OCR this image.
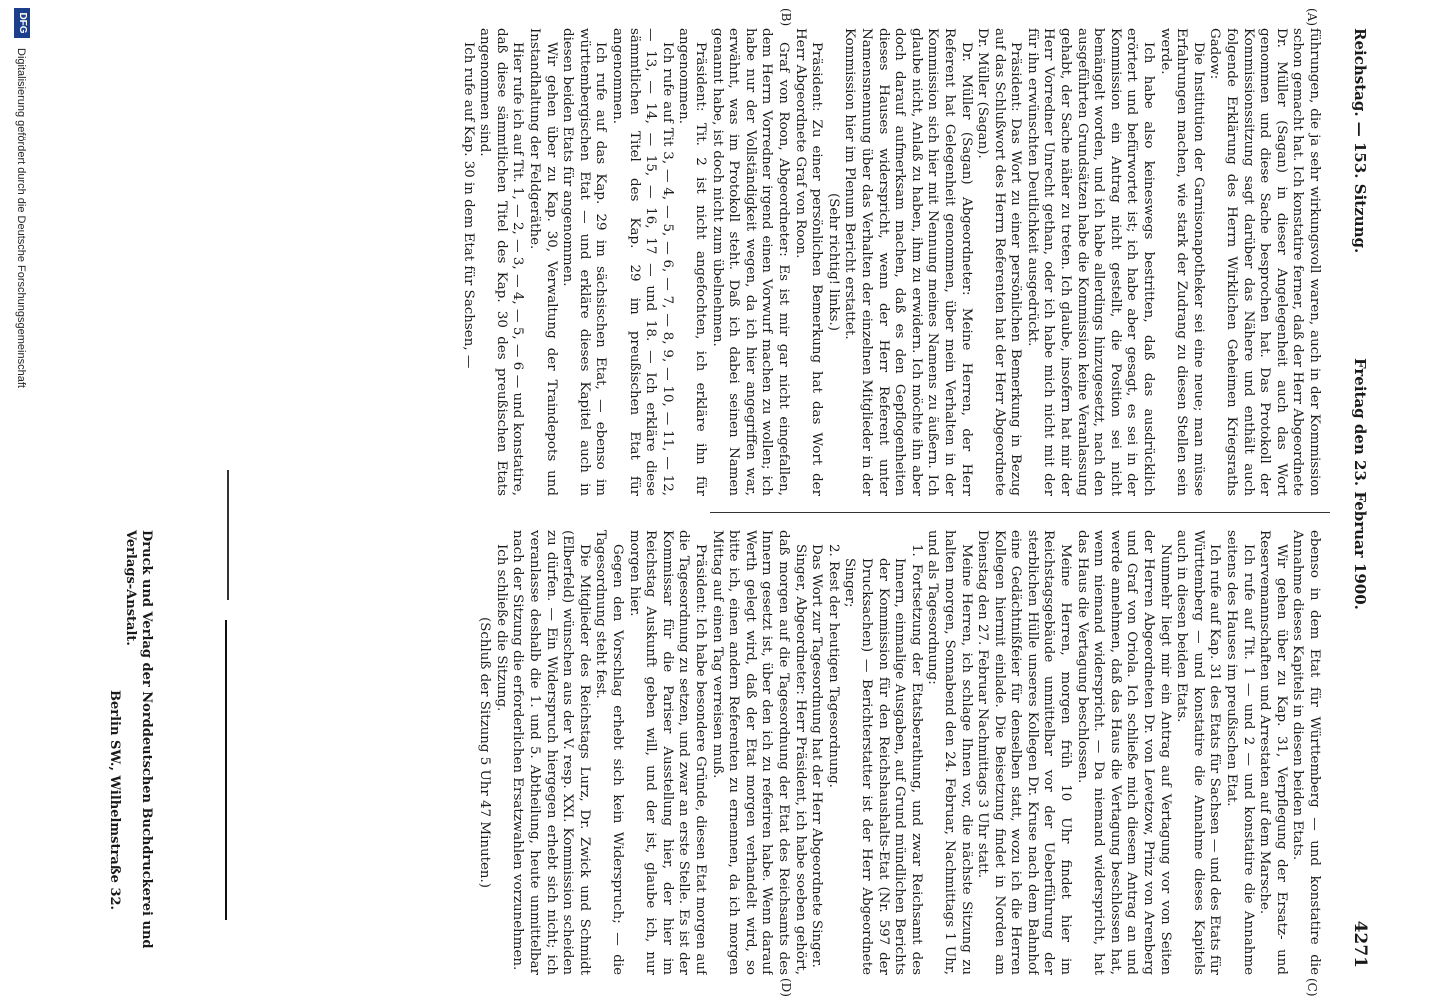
Reichstag. — 153. Sitzung.
Freitag den 23. Februar 1900.
4271
(A)
(B)
(C)
(D)

führungen, die ja sehr wirkungsvoll waren, auch in der Kommission schon gemacht hat. Ich konstatire ferner, daß der Herr Abgeordnete Dr. Müller (Sagan) in dieser Angelegenheit auch das Wort genommen und diese Sache besprochen hat. Das Protokoll der Kommissionssitzung sagt darüber das Nähere und enthält auch folgende Erklärung des Herrn Wirklichen Geheimen Kriegsraths Gadow:

Die Institution der Garnisonapotheker sei eine neue; man müsse Erfahrungen machen, wie stark der Zudrang zu diesen Stellen sein werde.

Ich habe also keineswegs bestritten, daß das ausdrücklich erörtert und befürwortet ist; ich habe aber gesagt, es sei in der Kommission ein Antrag nicht gestellt, die Position sei nicht bemängelt worden, und ich habe allerdings hinzugesetzt, nach den ausgeführten Grundsätzen habe die Kommission keine Veranlassung gehabt, der Sache näher zu treten. Ich glaube, insofern hat mir der Herr Vorredner Unrecht gethan, oder ich habe mich nicht mit der für ihn erwünschten Deutlichkeit ausgedrückt.

Präsident: Das Wort zu einer persönlichen Bemerkung in Bezug auf das Schlußwort des Herrn Referenten hat der Herr Abgeordnete Dr. Müller (Sagan).

Dr. Müller (Sagan) Abgeordneter: Meine Herren, der Herr Referent hat Gelegenheit genommen, über mein Verhalten in der Kommission sich hier mit Nennung meines Namens zu äußern. Ich glaube nicht, Anlaß zu haben, ihm zu erwidern. Ich möchte ihn aber doch darauf aufmerksam machen, daß es den Gepflogenheiten dieses Hauses widerspricht, wenn der Herr Referent unter Namensnennung über das Verhalten der einzelnen Mitglieder in der Kommission hier im Plenum Bericht erstattet.

(Sehr richtig! links.)

Präsident: Zu einer persönlichen Bemerkung hat das Wort der Herr Abgeordnete Graf von Roon.

Graf von Roon, Abgeordneter: Es ist mir gar nicht eingefallen, dem Herrn Vorredner irgend einen Vorwurf machen zu wollen; ich habe nur der Vollständigkeit wegen, da ich hier angegriffen war, erwähnt, was im Protokoll steht. Daß ich dabei seinen Namen genannt habe, ist doch nicht zum übelnehmen.

Präsident: Tit. 2 ist nicht angefochten, ich erkläre ihn für angenommen.

Ich rufe auf Tit 3, — 4, — 5, — 6, — 7, — 8, 9, — 10, — 11, — 12, — 13, — 14, — 15, — 16, 17 — und 18. — Ich erkläre diese sämmtlichen Titel des Kap. 29 im preußischen Etat für angenommen.

Ich rufe auf das Kap. 29 im sächsischen Etat, — ebenso im württembergischen Etat — und erkläre dieses Kapitel auch in diesen beiden Etats für angenommen.

Wir gehen über zu Kap. 30, Verwaltung der Traindepots und Instandhaltung der Feldgeräthe.

Hier rufe ich auf Tit. 1, — 2, — 3, — 4, — 5, — 6 — und konstatire, daß diese sämmtlichen Titel des Kap. 30 des preußischen Etats angenommen sind.

Ich rufe auf Kap. 30 in dem Etat für Sachsen, —

ebenso in dem Etat für Württemberg — und konstatire die Annahme dieses Kapitels in diesen beiden Etats.

Wir gehen über zu Kap. 31, Verpflegung der Ersatz- und Reservemannschaften und Arrestaten auf dem Marsche.

Ich rufe auf Tit. 1 — und 2 — und konstatire die Annahme seitens des Hauses im preußischen Etat.

Ich rufe auf Kap. 31 des Etats für Sachsen — und des Etats für Württemberg — und konstatire die Annahme dieses Kapitels auch in diesen beiden Etats.

Nunmehr liegt mir ein Antrag auf Vertagung vor von Seiten der Herren Abgeordneten Dr. von Levetzow, Prinz von Arenberg und Graf von Oriola. Ich schließe mich diesem Antrag an und werde annehmen, daß das Haus die Vertagung beschlossen hat, wenn niemand widerspricht. — Da niemand widerspricht, hat das Haus die Vertagung beschlossen.

Meine Herren, morgen früh 10 Uhr findet hier im Reichstagsgebäude unmittelbar vor der Ueberführung der sterblichen Hülle unseres Kollegen Dr. Kruse nach dem Bahnhof eine Gedächtnißfeier für denselben statt, wozu ich die Herren Kollegen hiermit einlade. Die Beisetzung findet in Norden am Dienstag den 27. Februar Nachmittags 3 Uhr statt.

Meine Herren, ich schlage Ihnen vor, die nächste Sitzung zu halten morgen, Sonnabend den 24. Februar, Nachmittags 1 Uhr, und als Tagesordnung:

1. Fortsetzung der Etatsberathung, und zwar Reichsamt des Innern, einmalige Ausgaben, auf Grund mündlichen Berichts der Kommission für den Reichshaushalts-Etat (Nr. 597 der Drucksachen) — Berichterstatter ist der Herr Abgeordnete Singer;

2. Rest der heutigen Tagesordnung.

Das Wort zur Tagesordnung hat der Herr Abgeordnete Singer.

Singer, Abgeordneter: Herr Präsident, ich habe soeben gehört, daß morgen auf die Tagesordnung der Etat des Reichsamts des Innern gesetzt ist, über den ich zu referiren habe. Wenn darauf Werth gelegt wird, daß der Etat morgen verhandelt wird, so bitte ich, einen andern Referenten zu ernennen, da ich morgen Mittag auf einen Tag verreisen muß.

Präsident: Ich habe besondere Gründe, diesen Etat morgen auf die Tagesordnung zu setzen, und zwar an erste Stelle. Es ist der Kommissar für die Pariser Ausstellung hier, der hier im Reichstag Auskunft geben will, und der ist, glaube ich, nur morgen hier.

Gegen den Vorschlag erhebt sich kein Widerspruch; — die Tagesordnung steht fest.

Die Mitglieder des Reichstags Lurz, Dr. Zwick und Schmidt (Elberfeld) wünschen aus der V. resp. XXI. Kommission scheiden zu dürfen. — Ein Widerspruch hiergegen erhebt sich nicht; ich veranlasse deshalb die 1. und 5. Abtheilung, heute unmittelbar nach der Sitzung die erforderlichen Ersatzwahlen vorzunehmen.

Ich schließe die Sitzung.

(Schluß der Sitzung 5 Uhr 47 Minuten.)

Druck und Verlag der Norddeutschen Buchdruckerei und Verlags-Anstalt.
Berlin SW., Wilhelmstraße 32.
DFG
Digitalisierung gefördert durch die Deutsche Forschungsgemeinschaft
